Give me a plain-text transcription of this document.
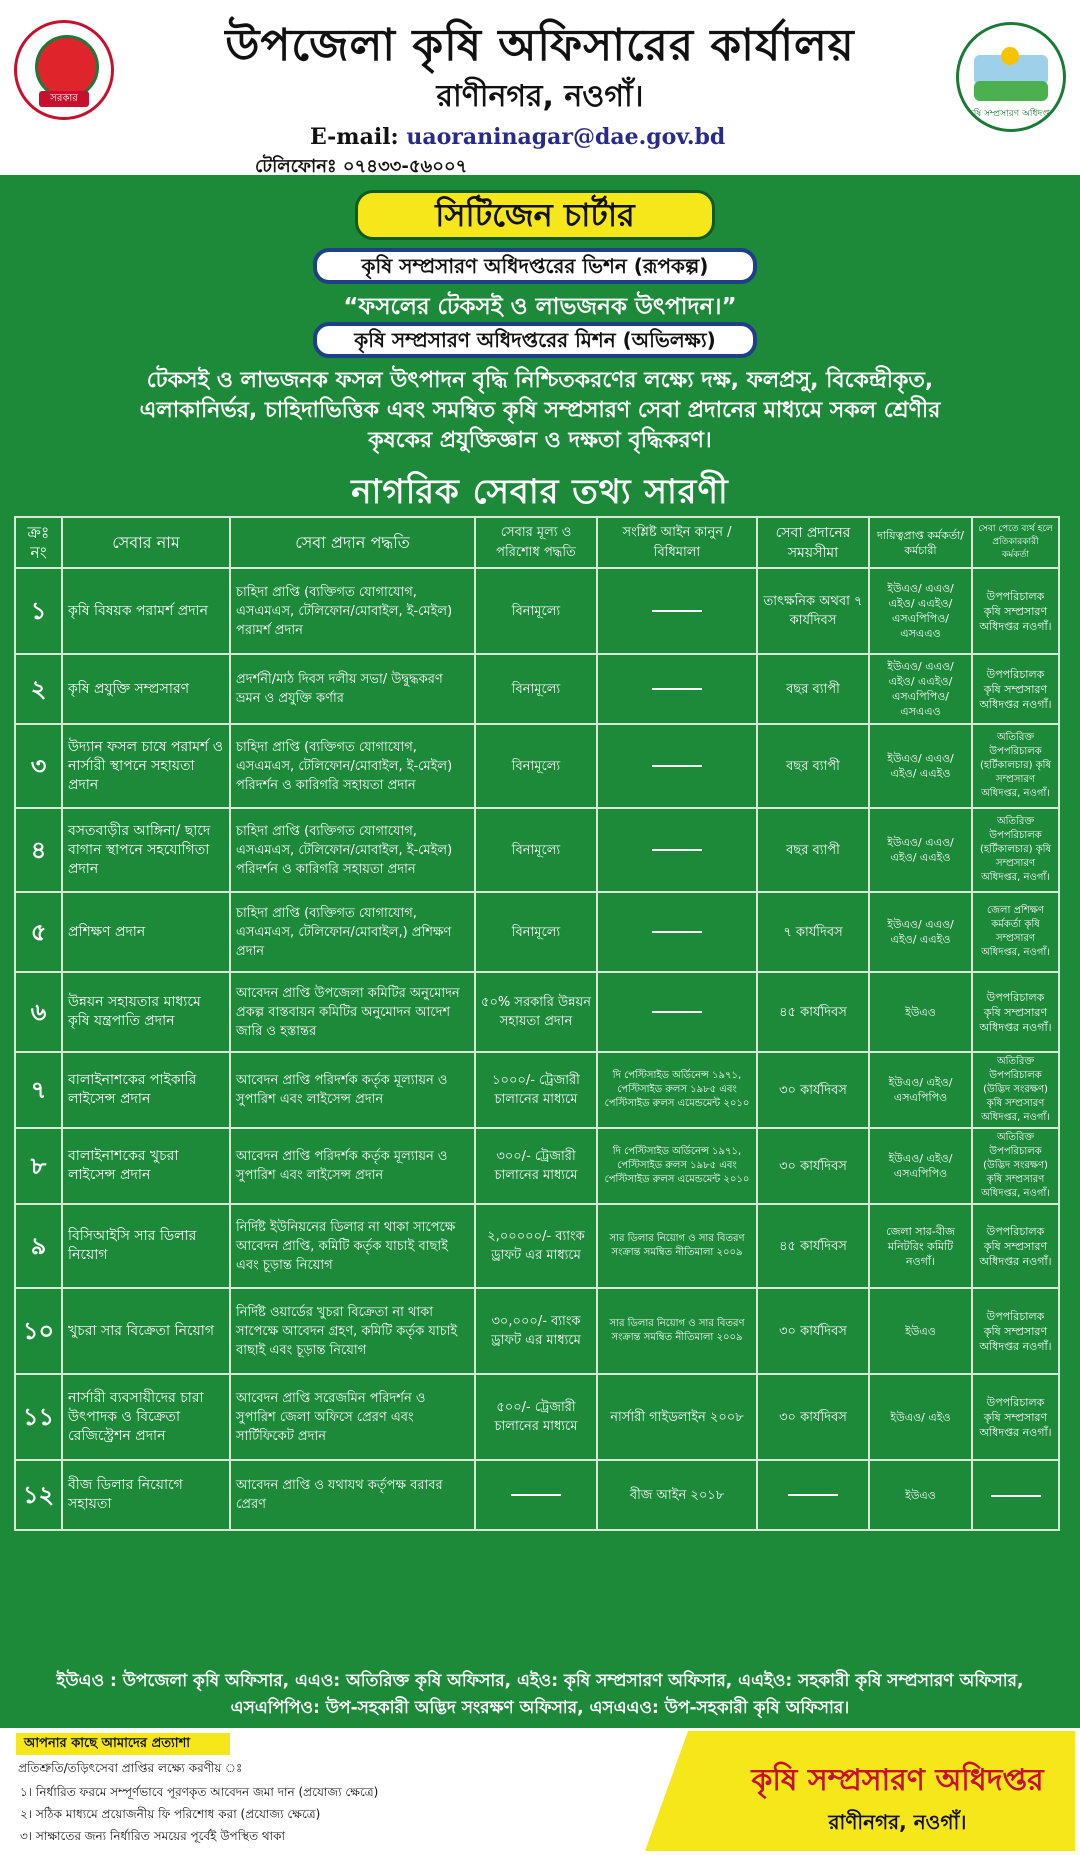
সরকার
উপজেলা কৃষি অফিসারের কার্যালয়
রাণীনগর, নওগাঁ।
E-mail: uaoraninagar@dae.gov.bd
টেলিফোনঃ ০৭৪৩৩-৫৬০০৭
কৃষি সম্প্রসারণ অধিদপ্তর
সিটিজেন চার্টার
কৃষি সম্প্রসারণ অধিদপ্তরের ভিশন (রূপকল্প)
“ফসলের টেকসই ও লাভজনক উৎপাদন।”
কৃষি সম্প্রসারণ অধিদপ্তরের মিশন (অভিলক্ষ্য)
টেকসই ও লাভজনক ফসল উৎপাদন বৃদ্ধি নিশ্চিতকরণের লক্ষ্যে দক্ষ, ফলপ্রসু, বিকেন্দ্রীকৃত, এলাকানির্ভর, চাহিদাভিত্তিক এবং সমম্বিত কৃষি সম্প্রসারণ সেবা প্রদানের মাধ্যমে সকল শ্রেণীর কৃষকের প্রযুক্তিজ্ঞান ও দক্ষতা বৃদ্ধিকরণ।
নাগরিক সেবার তথ্য সারণী
ক্রঃ নং	সেবার নাম	সেবা প্রদান পদ্ধতি	সেবার মূল্য ও পরিশোধ পদ্ধতি	সংশ্লিষ্ট আইন কানুন /বিধিমালা	সেবা প্রদানের সময়সীমা	দায়িত্বপ্রাপ্ত কর্মকর্তা/কর্মচারী	সেবা পেতে ব্যর্থ হলে প্রতিকারকারী কর্মকর্তা
১	কৃষি বিষয়ক পরামর্শ প্রদান	চাহিদা প্রাপ্তি (ব্যক্তিগত যোগাযোগ, এসএমএস, টেলিফোন/মোবাইল, ই-মেইল) পরামর্শ প্রদান	বিনামূল্যে		তাৎক্ষনিক অথবা ৭ কার্যদিবস	ইউএও/ এএও/ এইও/ এএইও/ এসএপিপিও/ এসএএও	উপপরিচালক কৃষি সম্প্রসারণ অধিদপ্তর নওগাঁ।
২	কৃষি প্রযুক্তি সম্প্রসারণ	প্রদর্শনী/মাঠ দিবস দলীয় সভা/ উদ্বুদ্ধকরণ ভ্রমন ও প্রযুক্তি কর্ণার	বিনামূল্যে		বছর ব্যাপী	ইউএও/ এএও/ এইও/ এএইও/ এসএপিপিও/ এসএএও	উপপরিচালক কৃষি সম্প্রসারণ অধিদপ্তর নওগাঁ।
৩	উদ্যান ফসল চাষে পরামর্শ ও নার্সারী স্থাপনে সহায়তা প্রদান	চাহিদা প্রাপ্তি (ব্যক্তিগত যোগাযোগ, এসএমএস, টেলিফোন/মোবাইল, ই-মেইল) পরিদর্শন ও কারিগরি সহায়তা প্রদান	বিনামূল্যে		বছর ব্যাপী	ইউএও/ এএও/ এইও/ এএইও	অতিরিক্ত উপপরিচালক (হর্টিকালচার) কৃষি সম্প্রসারণ অধিদপ্তর, নওগাঁ।
৪	বসতবাড়ীর আঙ্গিনা/ ছাদে বাগান স্থাপনে সহযোগিতা প্রদান	চাহিদা প্রাপ্তি (ব্যক্তিগত যোগাযোগ, এসএমএস, টেলিফোন/মোবাইল, ই-মেইল) পরিদর্শন ও কারিগরি সহায়তা প্রদান	বিনামূল্যে		বছর ব্যাপী	ইউএও/ এএও/ এইও/ এএইও	অতিরিক্ত উপপরিচালক (হর্টিকালচার) কৃষি সম্প্রসারণ অধিদপ্তর, নওগাঁ।
৫	প্রশিক্ষণ প্রদান	চাহিদা প্রাপ্তি (ব্যক্তিগত যোগাযোগ, এসএমএস, টেলিফোন/মোবাইল,) প্রশিক্ষণ প্রদান	বিনামূল্যে		৭ কার্যদিবস	ইউএও/ এএও/ এইও/ এএইও	জেলা প্রশিক্ষণ কর্মকর্তা কৃষি সম্প্রসারণ অধিদপ্তর, নওগাঁ।
৬	উন্নয়ন সহায়তার মাধ্যমে কৃষি যন্ত্রপাতি প্রদান	আবেদন প্রাপ্তি উপজেলা কমিটির অনুমোদন প্রকল্প বাস্তবায়ন কমিটির অনুমোদন আদেশ জারি ও হস্তান্তর	৫০% সরকারি উন্নয়ন সহায়তা প্রদান		৪৫ কার্যদিবস	ইউএও	উপপরিচালক কৃষি সম্প্রসারণ অধিদপ্তর নওগাঁ।
৭	বালাইনাশকের পাইকারি লাইসেন্স প্রদান	আবেদন প্রাপ্তি পরিদর্শক কর্তৃক মূল্যায়ন ও সুপারিশ এবং লাইসেন্স প্রদান	১০০০/- ট্রেজারী চালানের মাধ্যমে	দি পেস্টিসাইড অর্ডিনেন্স ১৯৭১, পেস্টিসাইড রুলস ১৯৮৫ এবং পেস্টিসাইড রুলস এমেন্ডমেন্ট ২০১০	৩০ কার্যদিবস	ইউএও/ এইও/ এসএপিপিও	অতিরিক্ত উপপরিচালক (উদ্ভিদ সংরক্ষণ) কৃষি সম্প্রসারণ অধিদপ্তর, নওগাঁ।
৮	বালাইনাশকের খুচরা লাইসেন্স প্রদান	আবেদন প্রাপ্তি পরিদর্শক কর্তৃক মূল্যায়ন ও সুপারিশ এবং লাইসেন্স প্রদান	৩০০/- ট্রেজারী চালানের মাধ্যমে	দি পেস্টিসাইড অর্ডিনেন্স ১৯৭১, পেস্টিসাইড রুলস ১৯৮৫ এবং পেস্টিসাইড রুলস এমেন্ডমেন্ট ২০১০	৩০ কার্যদিবস	ইউএও/ এইও/ এসএপিপিও	অতিরিক্ত উপপরিচালক (উদ্ভিদ সংরক্ষণ) কৃষি সম্প্রসারণ অধিদপ্তর, নওগাঁ।
৯	বিসিআইসি সার ডিলার নিয়োগ	নির্দিষ্ট ইউনিয়নের ডিলার না থাকা সাপেক্ষে আবেদন প্রাপ্তি, কমিটি কর্তৃক যাচাই বাছাই এবং চূড়ান্ত নিয়োগ	২,০০০০০/- ব্যাংক ড্রাফট এর মাধ্যমে	সার ডিলার নিয়োগ ও সার বিতরণ সংক্রান্ত সমম্বিত নীতিমালা ২০০৯	৪৫ কার্যদিবস	জেলা সার-বীজ মনিটরিং কমিটি নওগাঁ।	উপপরিচালক কৃষি সম্প্রসারণ অধিদপ্তর নওগাঁ।
১০	খুচরা সার বিক্রেতা নিয়োগ	নির্দিষ্ট ওয়ার্ডের খুচরা বিক্রেতা না থাকা সাপেক্ষে আবেদন গ্রহণ, কমিটি কর্তৃক যাচাই বাছাই এবং চূড়ান্ত নিয়োগ	৩০,০০০/- ব্যাংক ড্রাফট এর মাধ্যমে	সার ডিলার নিয়োগ ও সার বিতরণ সংক্রান্ত সমম্বিত নীতিমালা ২০০৯	৩০ কার্যদিবস	ইউএও	উপপরিচালক কৃষি সম্প্রসারণ অধিদপ্তর নওগাঁ।
১১	নার্সারী ব্যবসায়ীদের চারা উৎপাদক ও বিক্রেতা রেজিস্ট্রেশন প্রদান	আবেদন প্রাপ্তি সরেজমিন পরিদর্শন ও সুপারিশ জেলা অফিসে প্রেরণ এবং সার্টিফিকেট প্রদান	৫০০/- ট্রেজারী চালানের মাধ্যমে	নার্সারী গাইডলাইন ২০০৮	৩০ কার্যদিবস	ইউএও/ এইও	উপপরিচালক কৃষি সম্প্রসারণ অধিদপ্তর নওগাঁ।
১২	বীজ ডিলার নিয়োগে সহায়তা	আবেদন প্রাপ্তি ও যথাযথ কর্তৃপক্ষ বরাবর প্রেরণ		বীজ আইন ২০১৮		ইউএও	
ইউএও : উপজেলা কৃষি অফিসার, এএও: অতিরিক্ত কৃষি অফিসার, এইও: কৃষি সম্প্রসারণ অফিসার, এএইও: সহকারী কৃষি সম্প্রসারণ অফিসার, এসএপিপিও: উপ-সহকারী অদ্ভিদ সংরক্ষণ অফিসার, এসএএও: উপ-সহকারী কৃষি অফিসার।
আপনার কাছে আমাদের প্রত্যাশা
প্রতিশ্রুতি/তড়িৎসেবা প্রাপ্তির লক্ষ্যে করণীয় ঃ
১। নির্ধারিত ফরমে সম্পূর্ণভাবে পূরণকৃত আবেদন জমা দান (প্রযোজ্য ক্ষেত্রে)
২। সঠিক মাধ্যমে প্রয়োজনীয় ফি পরিশোধ করা (প্রযোজ্য ক্ষেত্রে)
৩। সাক্ষাতের জন্য নির্ধারিত সময়ের পূর্বেই উপস্থিত থাকা
কৃষি সম্প্রসারণ অধিদপ্তর
রাণীনগর, নওগাঁ।
